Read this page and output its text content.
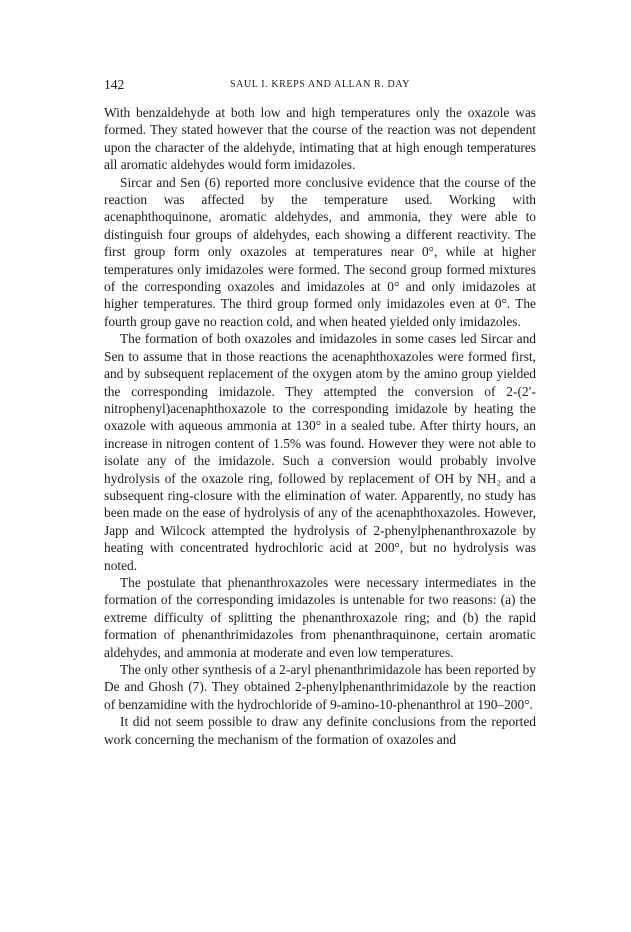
142	SAUL I. KREPS AND ALLAN R. DAY

With benzaldehyde at both low and high temperatures only the oxazole was formed. They stated however that the course of the reaction was not dependent upon the character of the aldehyde, intimating that at high enough temperatures all aromatic aldehydes would form imidazoles.

Sircar and Sen (6) reported more conclusive evidence that the course of the reaction was affected by the temperature used. Working with acenaphthoquinone, aromatic aldehydes, and ammonia, they were able to distinguish four groups of aldehydes, each showing a different reactivity. The first group form only oxazoles at temperatures near 0°, while at higher temperatures only imidazoles were formed. The second group formed mixtures of the corresponding oxazoles and imidazoles at 0° and only imidazoles at higher temperatures. The third group formed only imidazoles even at 0°. The fourth group gave no reaction cold, and when heated yielded only imidazoles.

The formation of both oxazoles and imidazoles in some cases led Sircar and Sen to assume that in those reactions the acenaphthoxazoles were formed first, and by subsequent replacement of the oxygen atom by the amino group yielded the corresponding imidazole. They attempted the conversion of 2-(2′-nitrophenyl)acenaphthoxazole to the corresponding imidazole by heating the oxazole with aqueous ammonia at 130° in a sealed tube. After thirty hours, an increase in nitrogen content of 1.5% was found. However they were not able to isolate any of the imidazole. Such a conversion would probably involve hydrolysis of the oxazole ring, followed by replacement of OH by NH₂ and a subsequent ring-closure with the elimination of water. Apparently, no study has been made on the ease of hydrolysis of any of the acenaphthoxazoles. However, Japp and Wilcock attempted the hydrolysis of 2-phenylphenanthroxazole by heating with concentrated hydrochloric acid at 200°, but no hydrolysis was noted.

The postulate that phenanthroxazoles were necessary intermediates in the formation of the corresponding imidazoles is untenable for two reasons: (a) the extreme difficulty of splitting the phenanthroxazole ring; and (b) the rapid formation of phenanthrimidazoles from phenanthraquinone, certain aromatic aldehydes, and ammonia at moderate and even low temperatures.

The only other synthesis of a 2-aryl phenanthrimidazole has been reported by De and Ghosh (7). They obtained 2-phenylphenanthrimidazole by the reaction of benzamidine with the hydrochloride of 9-amino-10-phenanthrol at 190–200°.

It did not seem possible to draw any definite conclusions from the reported work concerning the mechanism of the formation of oxazoles and
